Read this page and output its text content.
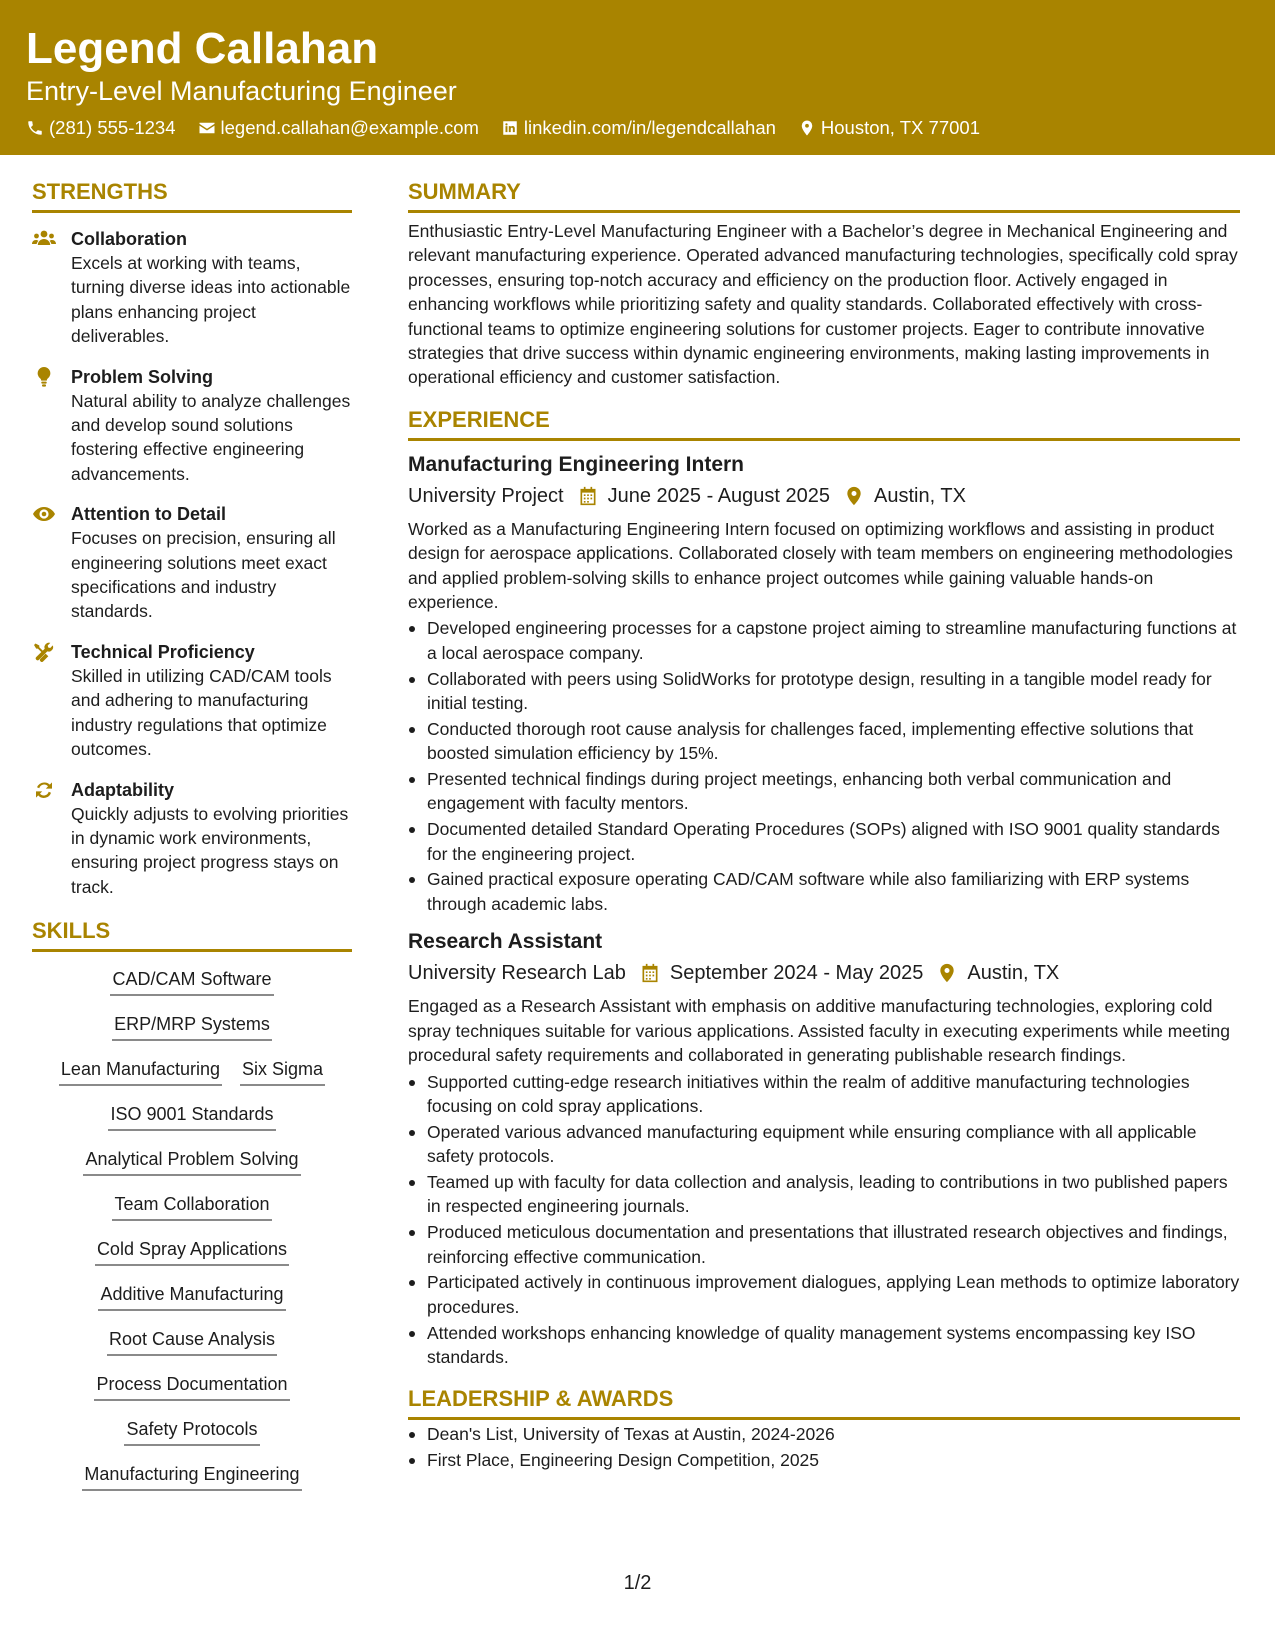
Legend Callahan
Entry-Level Manufacturing Engineer
(281) 555-1234 legend.callahan@example.com linkedin.com/in/legendcallahan Houston, TX 77001
STRENGTHS
Collaboration
Excels at working with teams, turning diverse ideas into actionable plans enhancing project deliverables.
Problem Solving
Natural ability to analyze challenges and develop sound solutions fostering effective engineering advancements.
Attention to Detail
Focuses on precision, ensuring all engineering solutions meet exact specifications and industry standards.
Technical Proficiency
Skilled in utilizing CAD/CAM tools and adhering to manufacturing industry regulations that optimize outcomes.
Adaptability
Quickly adjusts to evolving priorities in dynamic work environments, ensuring project progress stays on track.
SKILLS
CAD/CAM Software
ERP/MRP Systems
Lean Manufacturing Six Sigma
ISO 9001 Standards
Analytical Problem Solving
Team Collaboration
Cold Spray Applications
Additive Manufacturing
Root Cause Analysis
Process Documentation
Safety Protocols
Manufacturing Engineering
SUMMARY
Enthusiastic Entry-Level Manufacturing Engineer with a Bachelor’s degree in Mechanical Engineering and relevant manufacturing experience. Operated advanced manufacturing technologies, specifically cold spray processes, ensuring top-notch accuracy and efficiency on the production floor. Actively engaged in enhancing workflows while prioritizing safety and quality standards. Collaborated effectively with cross-functional teams to optimize engineering solutions for customer projects. Eager to contribute innovative strategies that drive success within dynamic engineering environments, making lasting improvements in operational efficiency and customer satisfaction.
EXPERIENCE
Manufacturing Engineering Intern
University Project June 2025 - August 2025 Austin, TX
Worked as a Manufacturing Engineering Intern focused on optimizing workflows and assisting in product design for aerospace applications. Collaborated closely with team members on engineering methodologies and applied problem-solving skills to enhance project outcomes while gaining valuable hands-on experience.
Developed engineering processes for a capstone project aiming to streamline manufacturing functions at a local aerospace company.
Collaborated with peers using SolidWorks for prototype design, resulting in a tangible model ready for initial testing.
Conducted thorough root cause analysis for challenges faced, implementing effective solutions that boosted simulation efficiency by 15%.
Presented technical findings during project meetings, enhancing both verbal communication and engagement with faculty mentors.
Documented detailed Standard Operating Procedures (SOPs) aligned with ISO 9001 quality standards for the engineering project.
Gained practical exposure operating CAD/CAM software while also familiarizing with ERP systems through academic labs.
Research Assistant
University Research Lab September 2024 - May 2025 Austin, TX
Engaged as a Research Assistant with emphasis on additive manufacturing technologies, exploring cold spray techniques suitable for various applications. Assisted faculty in executing experiments while meeting procedural safety requirements and collaborated in generating publishable research findings.
Supported cutting-edge research initiatives within the realm of additive manufacturing technologies focusing on cold spray applications.
Operated various advanced manufacturing equipment while ensuring compliance with all applicable safety protocols.
Teamed up with faculty for data collection and analysis, leading to contributions in two published papers in respected engineering journals.
Produced meticulous documentation and presentations that illustrated research objectives and findings, reinforcing effective communication.
Participated actively in continuous improvement dialogues, applying Lean methods to optimize laboratory procedures.
Attended workshops enhancing knowledge of quality management systems encompassing key ISO standards.
LEADERSHIP & AWARDS
Dean's List, University of Texas at Austin, 2024-2026
First Place, Engineering Design Competition, 2025
1/2
